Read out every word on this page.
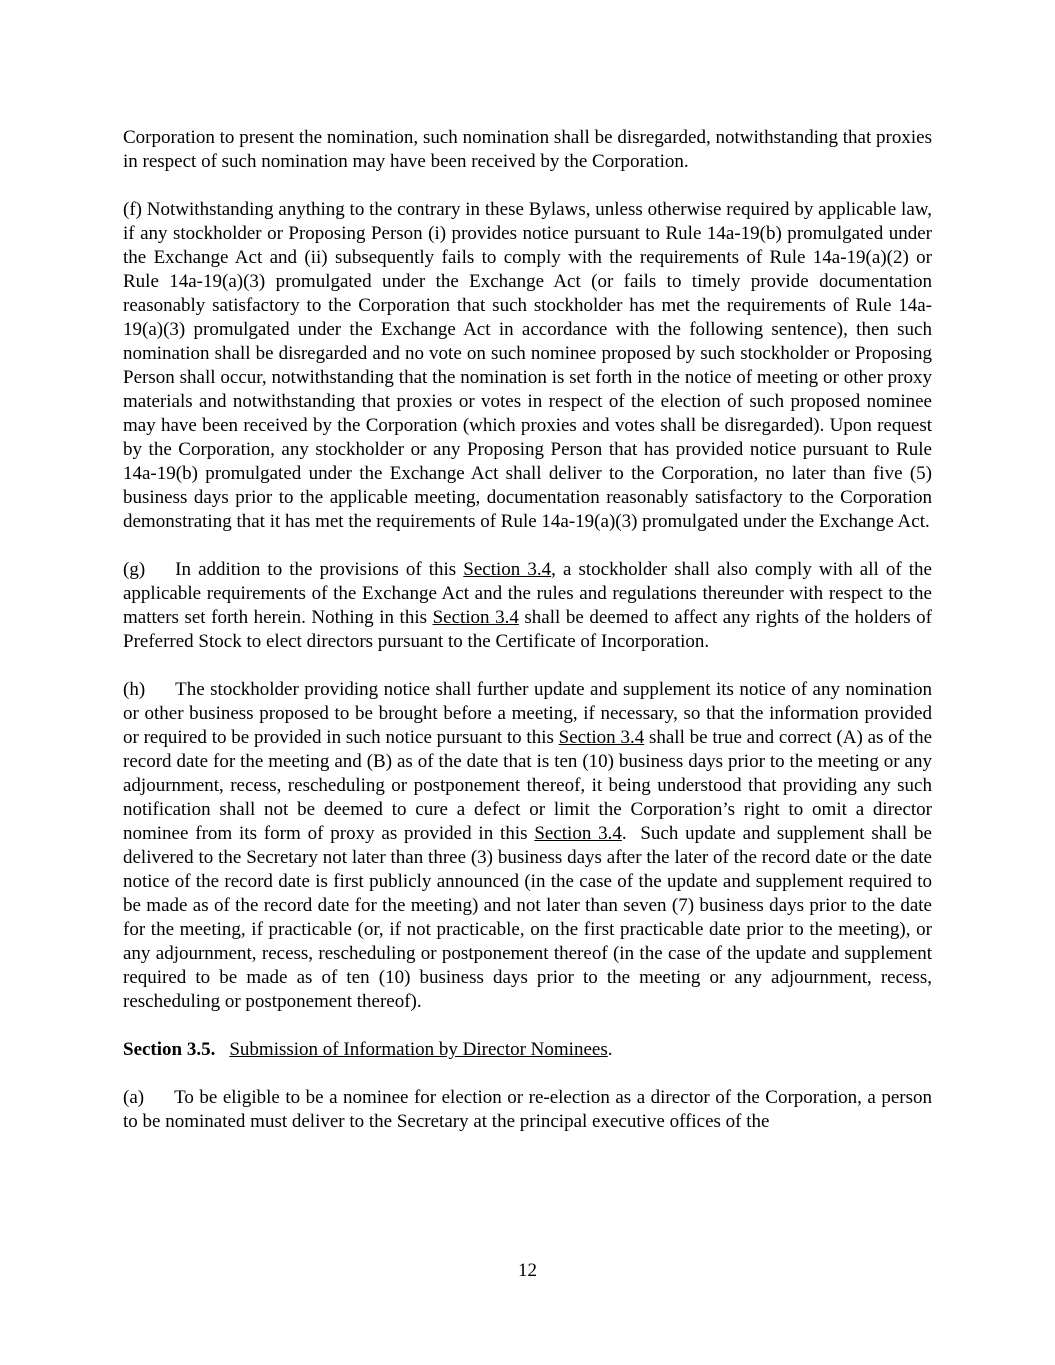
Corporation to present the nomination, such nomination shall be disregarded, notwithstanding that proxies in respect of such nomination may have been received by the Corporation.

(f) Notwithstanding anything to the contrary in these Bylaws, unless otherwise required by applicable law, if any stockholder or Proposing Person (i) provides notice pursuant to Rule 14a-19(b) promulgated under the Exchange Act and (ii) subsequently fails to comply with the requirements of Rule 14a-19(a)(2) or Rule 14a-19(a)(3) promulgated under the Exchange Act (or fails to timely provide documentation reasonably satisfactory to the Corporation that such stockholder has met the requirements of Rule 14a-19(a)(3) promulgated under the Exchange Act in accordance with the following sentence), then such nomination shall be disregarded and no vote on such nominee proposed by such stockholder or Proposing Person shall occur, notwithstanding that the nomination is set forth in the notice of meeting or other proxy materials and notwithstanding that proxies or votes in respect of the election of such proposed nominee may have been received by the Corporation (which proxies and votes shall be disregarded). Upon request by the Corporation, any stockholder or any Proposing Person that has provided notice pursuant to Rule 14a-19(b) promulgated under the Exchange Act shall deliver to the Corporation, no later than five (5) business days prior to the applicable meeting, documentation reasonably satisfactory to the Corporation demonstrating that it has met the requirements of Rule 14a-19(a)(3) promulgated under the Exchange Act.

(g) In addition to the provisions of this Section 3.4, a stockholder shall also comply with all of the applicable requirements of the Exchange Act and the rules and regulations thereunder with respect to the matters set forth herein. Nothing in this Section 3.4 shall be deemed to affect any rights of the holders of Preferred Stock to elect directors pursuant to the Certificate of Incorporation.

(h) The stockholder providing notice shall further update and supplement its notice of any nomination or other business proposed to be brought before a meeting, if necessary, so that the information provided or required to be provided in such notice pursuant to this Section 3.4 shall be true and correct (A) as of the record date for the meeting and (B) as of the date that is ten (10) business days prior to the meeting or any adjournment, recess, rescheduling or postponement thereof, it being understood that providing any such notification shall not be deemed to cure a defect or limit the Corporation’s right to omit a director nominee from its form of proxy as provided in this Section 3.4.  Such update and supplement shall be delivered to the Secretary not later than three (3) business days after the later of the record date or the date notice of the record date is first publicly announced (in the case of the update and supplement required to be made as of the record date for the meeting) and not later than seven (7) business days prior to the date for the meeting, if practicable (or, if not practicable, on the first practicable date prior to the meeting), or any adjournment, recess, rescheduling or postponement thereof (in the case of the update and supplement required to be made as of ten (10) business days prior to the meeting or any adjournment, recess, rescheduling or postponement thereof).

Section 3.5. Submission of Information by Director Nominees.

(a) To be eligible to be a nominee for election or re-election as a director of the Corporation, a person to be nominated must deliver to the Secretary at the principal executive offices of the

12
